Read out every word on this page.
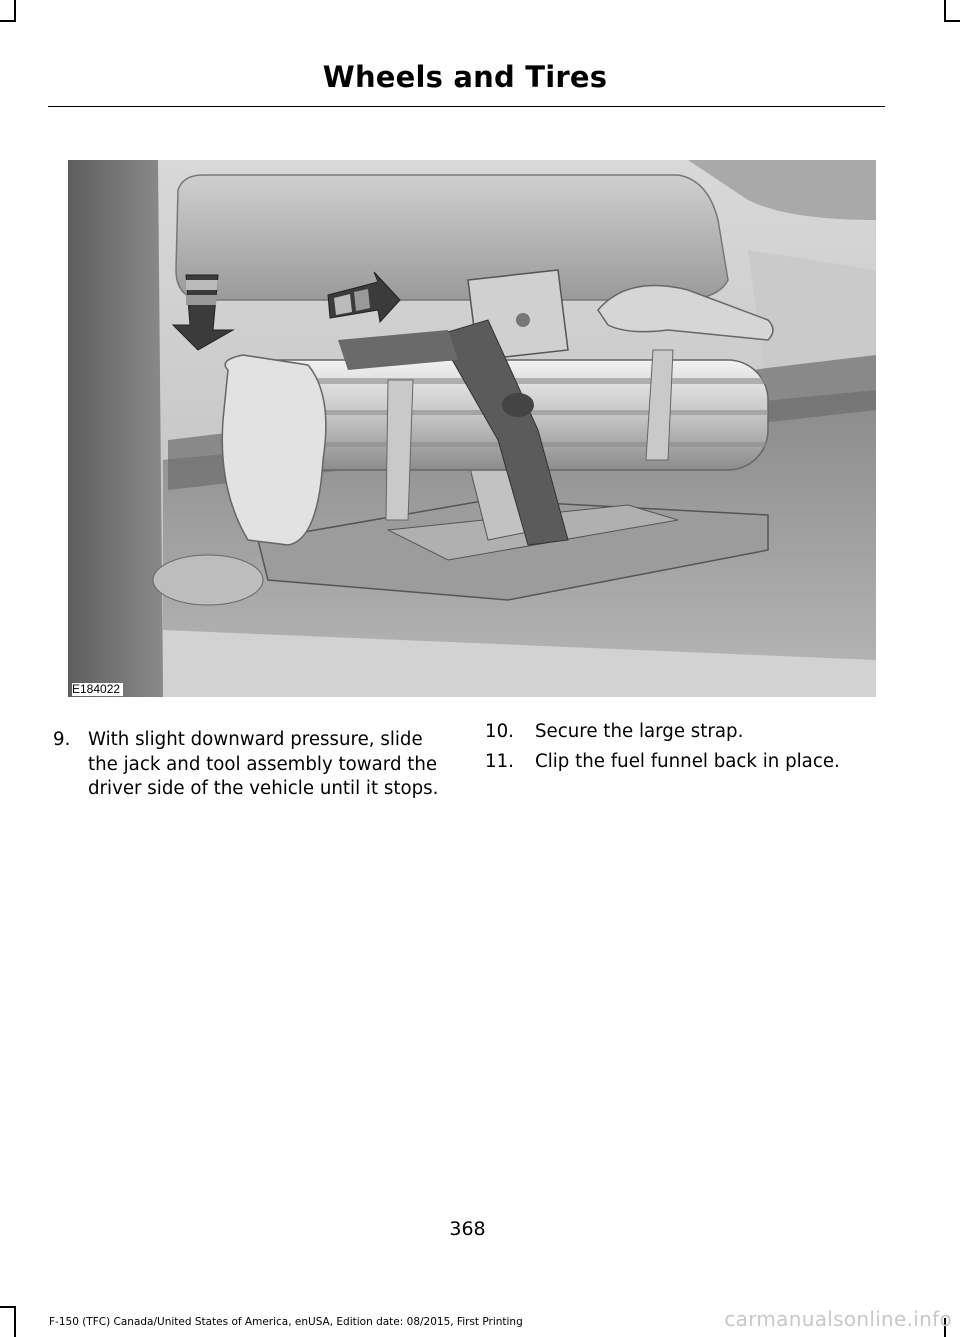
Wheels and Tires
E184022
9. With slight downward pressure, slide the jack and tool assembly toward the driver side of the vehicle until it stops.
10. Secure the large strap.
11. Clip the fuel funnel back in place.
368
F-150 (TFC) Canada/United States of America, enUSA, Edition date: 08/2015, First Printing	carmanualsonline.info
